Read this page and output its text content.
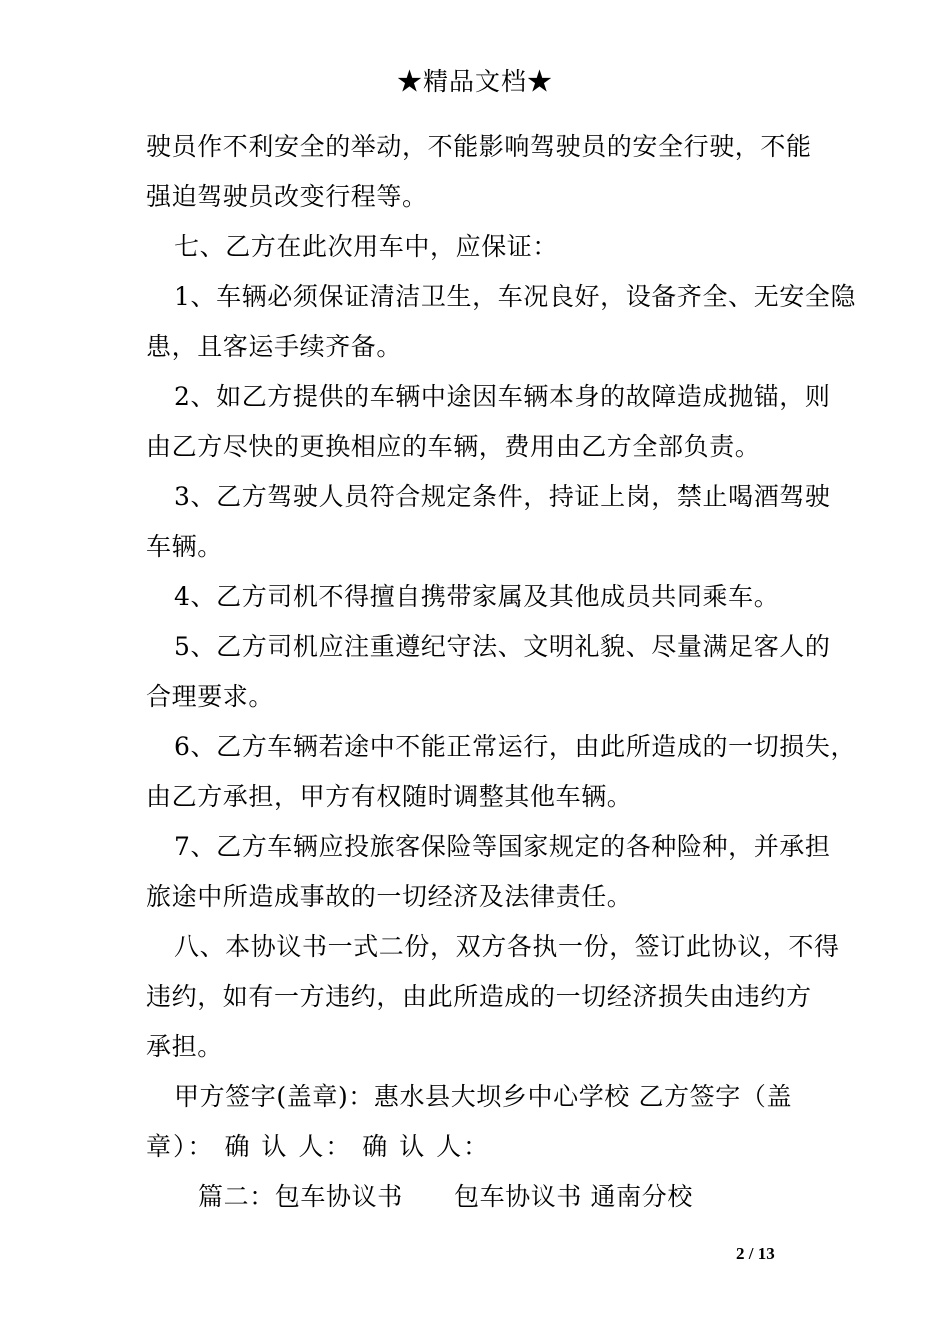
★精品文档★
驶员作不利安全的举动，不能影响驾驶员的安全行驶，不能
强迫驾驶员改变行程等。
七、乙方在此次用车中，应保证：
1、车辆必须保证清洁卫生，车况良好，设备齐全、无安全隐
患，且客运手续齐备。
2、如乙方提供的车辆中途因车辆本身的故障造成抛锚，则
由乙方尽快的更换相应的车辆，费用由乙方全部负责。
3、乙方驾驶人员符合规定条件，持证上岗，禁止喝酒驾驶
车辆。
4、乙方司机不得擅自携带家属及其他成员共同乘车。
5、乙方司机应注重遵纪守法、文明礼貌、尽量满足客人的
合理要求。
6、乙方车辆若途中不能正常运行，由此所造成的一切损失，
由乙方承担，甲方有权随时调整其他车辆。
7、乙方车辆应投旅客保险等国家规定的各种险种，并承担
旅途中所造成事故的一切经济及法律责任。
八、本协议书一式二份，双方各执一份，签订此协议，不得
违约，如有一方违约，由此所造成的一切经济损失由违约方
承担。
甲方签字(盖章)：惠水县大坝乡中心学校 乙方签字（盖
章）： 确 认 人： 确 认 人：
篇二：包车协议书　　包车协议书 通南分校
2 / 13
